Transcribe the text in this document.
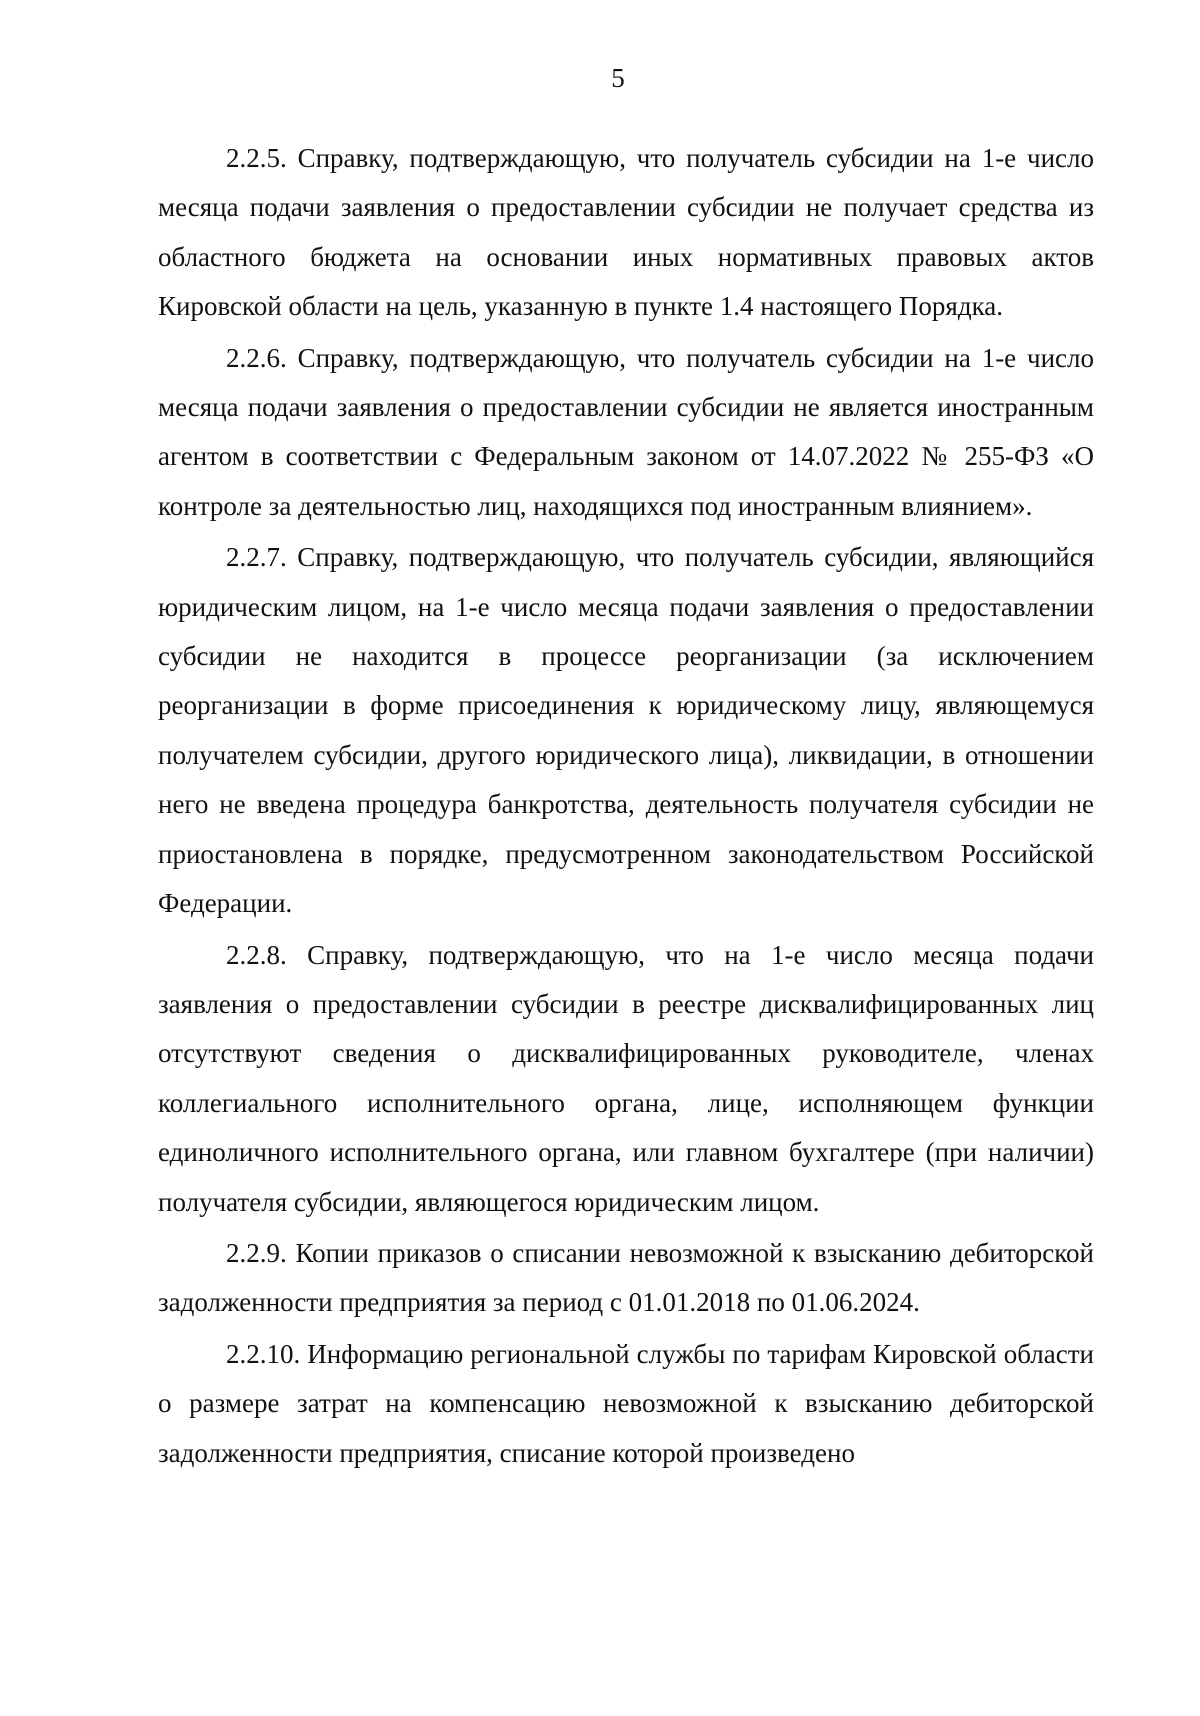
5

2.2.5. Справку, подтверждающую, что получатель субсидии на 1-е число месяца подачи заявления о предоставлении субсидии не получает средства из областного бюджета на основании иных нормативных правовых актов Кировской области на цель, указанную в пункте 1.4 настоящего Порядка.

2.2.6. Справку, подтверждающую, что получатель субсидии на 1-е число месяца подачи заявления о предоставлении субсидии не является иностранным агентом в соответствии с Федеральным законом от 14.07.2022 № 255-ФЗ «О контроле за деятельностью лиц, находящихся под иностранным влиянием».

2.2.7. Справку, подтверждающую, что получатель субсидии, являющийся юридическим лицом, на 1-е число месяца подачи заявления о предоставлении субсидии не находится в процессе реорганизации (за исключением реорганизации в форме присоединения к юридическому лицу, являющемуся получателем субсидии, другого юридического лица), ликвидации, в отношении него не введена процедура банкротства, деятельность получателя субсидии не приостановлена в порядке, предусмотренном законодательством Российской Федерации.

2.2.8. Справку, подтверждающую, что на 1-е число месяца подачи заявления о предоставлении субсидии в реестре дисквалифицированных лиц отсутствуют сведения о дисквалифицированных руководителе, членах коллегиального исполнительного органа, лице, исполняющем функции единоличного исполнительного органа, или главном бухгалтере (при наличии) получателя субсидии, являющегося юридическим лицом.

2.2.9. Копии приказов о списании невозможной к взысканию дебиторской задолженности предприятия за период с 01.01.2018 по 01.06.2024.

2.2.10. Информацию региональной службы по тарифам Кировской области о размере затрат на компенсацию невозможной к взысканию дебиторской задолженности предприятия, списание которой произведено
